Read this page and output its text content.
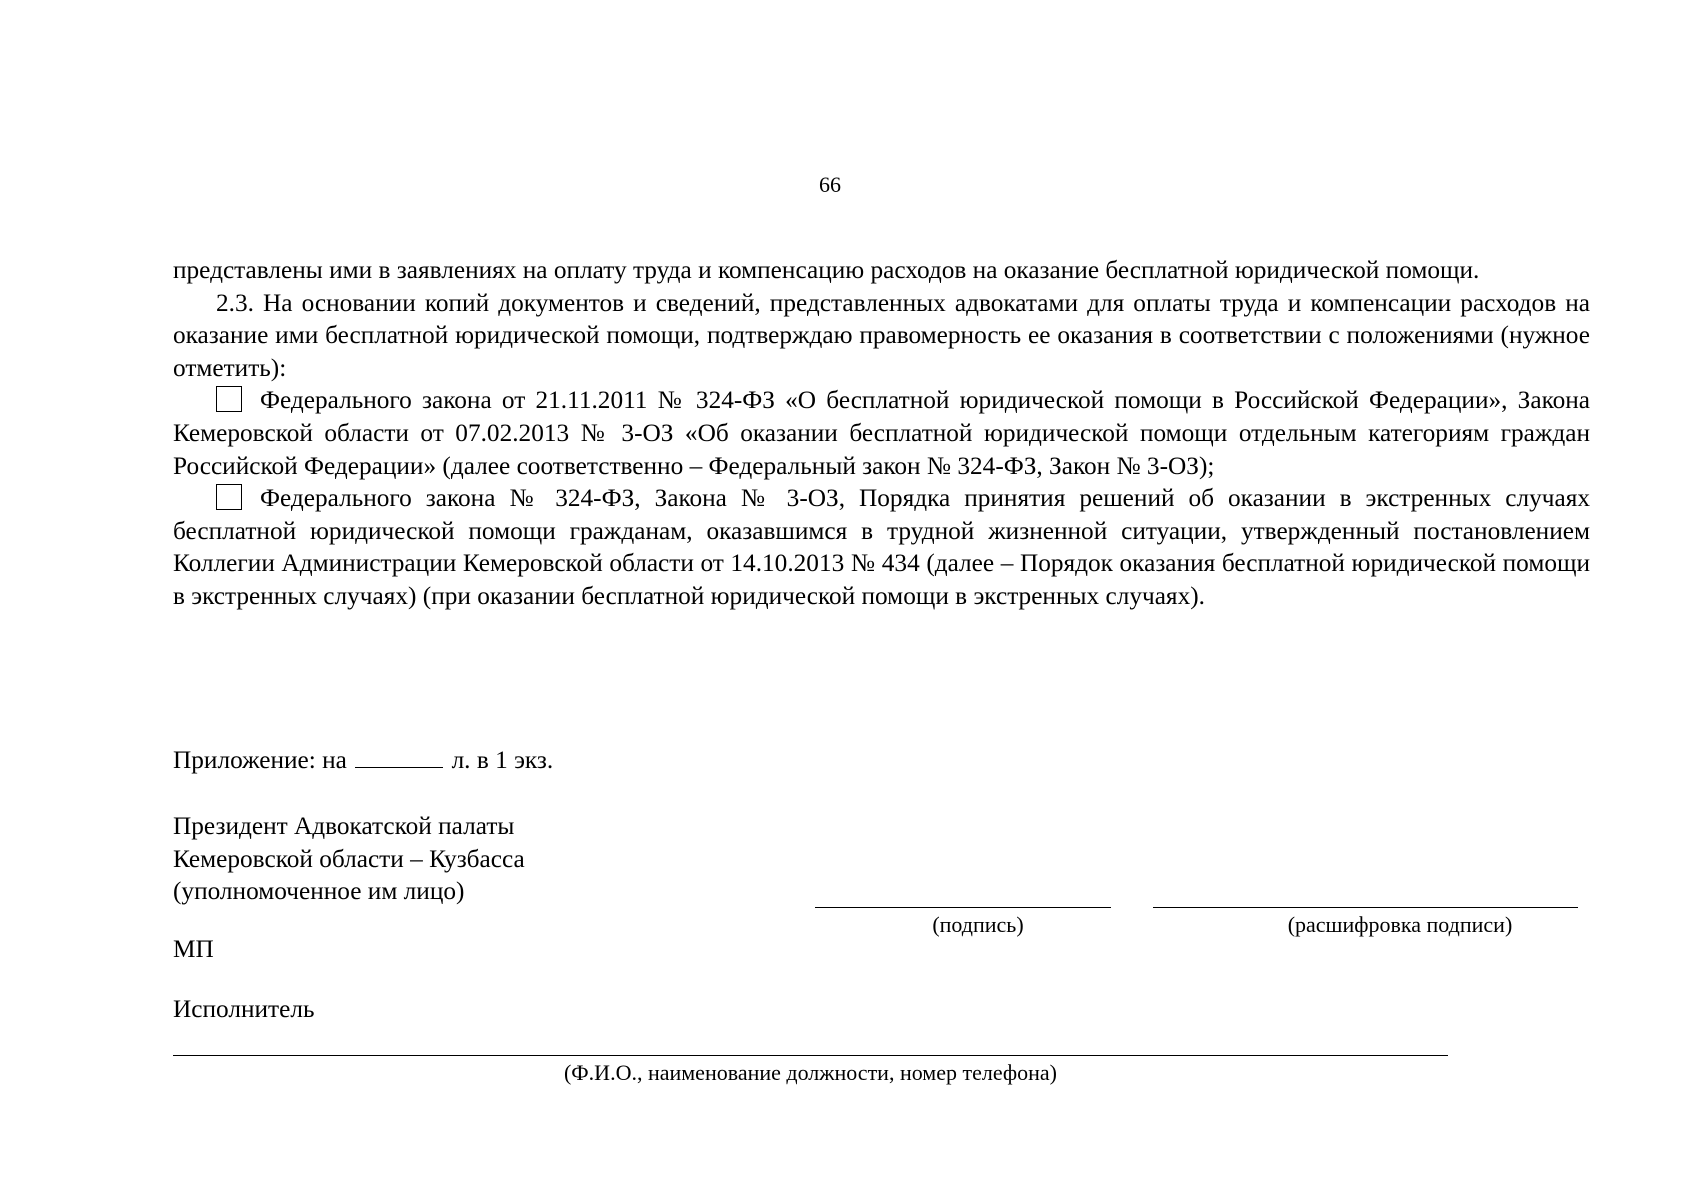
66

представлены ими в заявлениях на оплату труда и компенсацию расходов на оказание бесплатной юридической помощи.

2.3. На основании копий документов и сведений, представленных адвокатами для оплаты труда и компенсации расходов на оказание ими бесплатной юридической помощи, подтверждаю правомерность ее оказания в соответствии с положениями (нужное отметить):

Федерального закона от 21.11.2011 № 324-ФЗ «О бесплатной юридической помощи в Российской Федерации», Закона Кемеровской области от 07.02.2013 № 3-ОЗ «Об оказании бесплатной юридической помощи отдельным категориям граждан Российской Федерации» (далее соответственно – Федеральный закон № 324-ФЗ, Закон № 3-ОЗ);

Федерального закона № 324-ФЗ, Закона № 3-ОЗ, Порядка принятия решений об оказании в экстренных случаях бесплатной юридической помощи гражданам, оказавшимся в трудной жизненной ситуации, утвержденный постановлением Коллегии Администрации Кемеровской области от 14.10.2013 № 434 (далее – Порядок оказания бесплатной юридической помощи в экстренных случаях) (при оказании бесплатной юридической помощи в экстренных случаях).

Приложение: на	л. в 1 экз.
Президент Адвокатской палаты
Кемеровской области – Кузбасса
(уполномоченное им лицо)
(подпись)	(расшифровка подписи)
МП
Исполнитель
(Ф.И.О., наименование должности, номер телефона)
